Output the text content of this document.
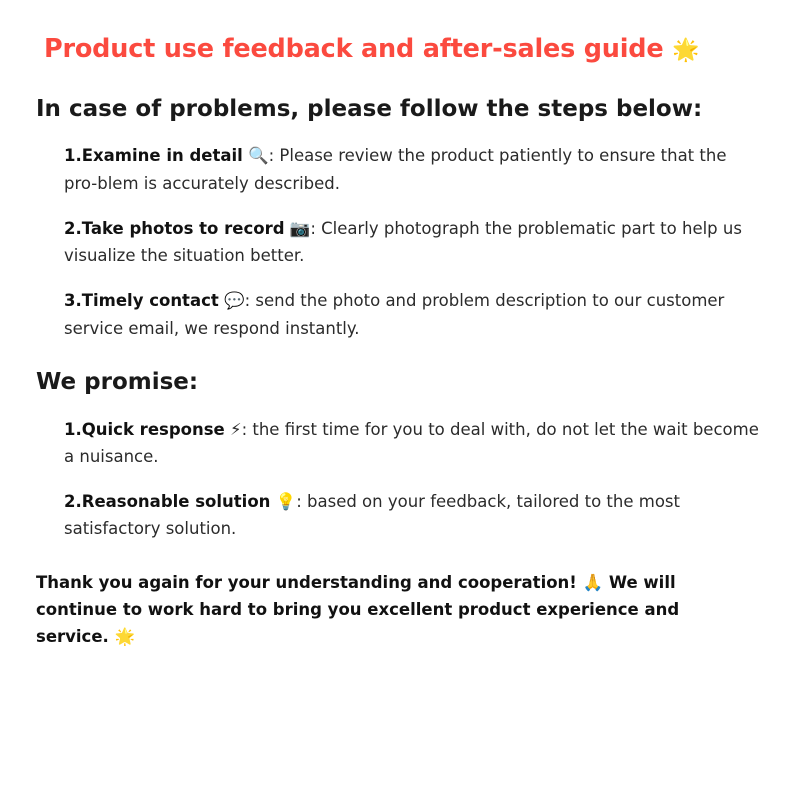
Product use feedback and after-sales guide 🌟
In case of problems, please follow the steps below:

1.Examine in detail 🔍: Please review the product patiently to ensure that the pro-blem is accurately described.

2.Take photos to record 📷: Clearly photograph the problematic part to help us visualize the situation better.

3.Timely contact 💬: send the photo and problem description to our customer service email, we respond instantly.

We promise:

1.Quick response ⚡: the first time for you to deal with, do not let the wait become a nuisance.

2.Reasonable solution 💡: based on your feedback, tailored to the most satisfactory solution.

Thank you again for your understanding and cooperation! 🙏 We will continue to work hard to bring you excellent product experience and service. 🌟
